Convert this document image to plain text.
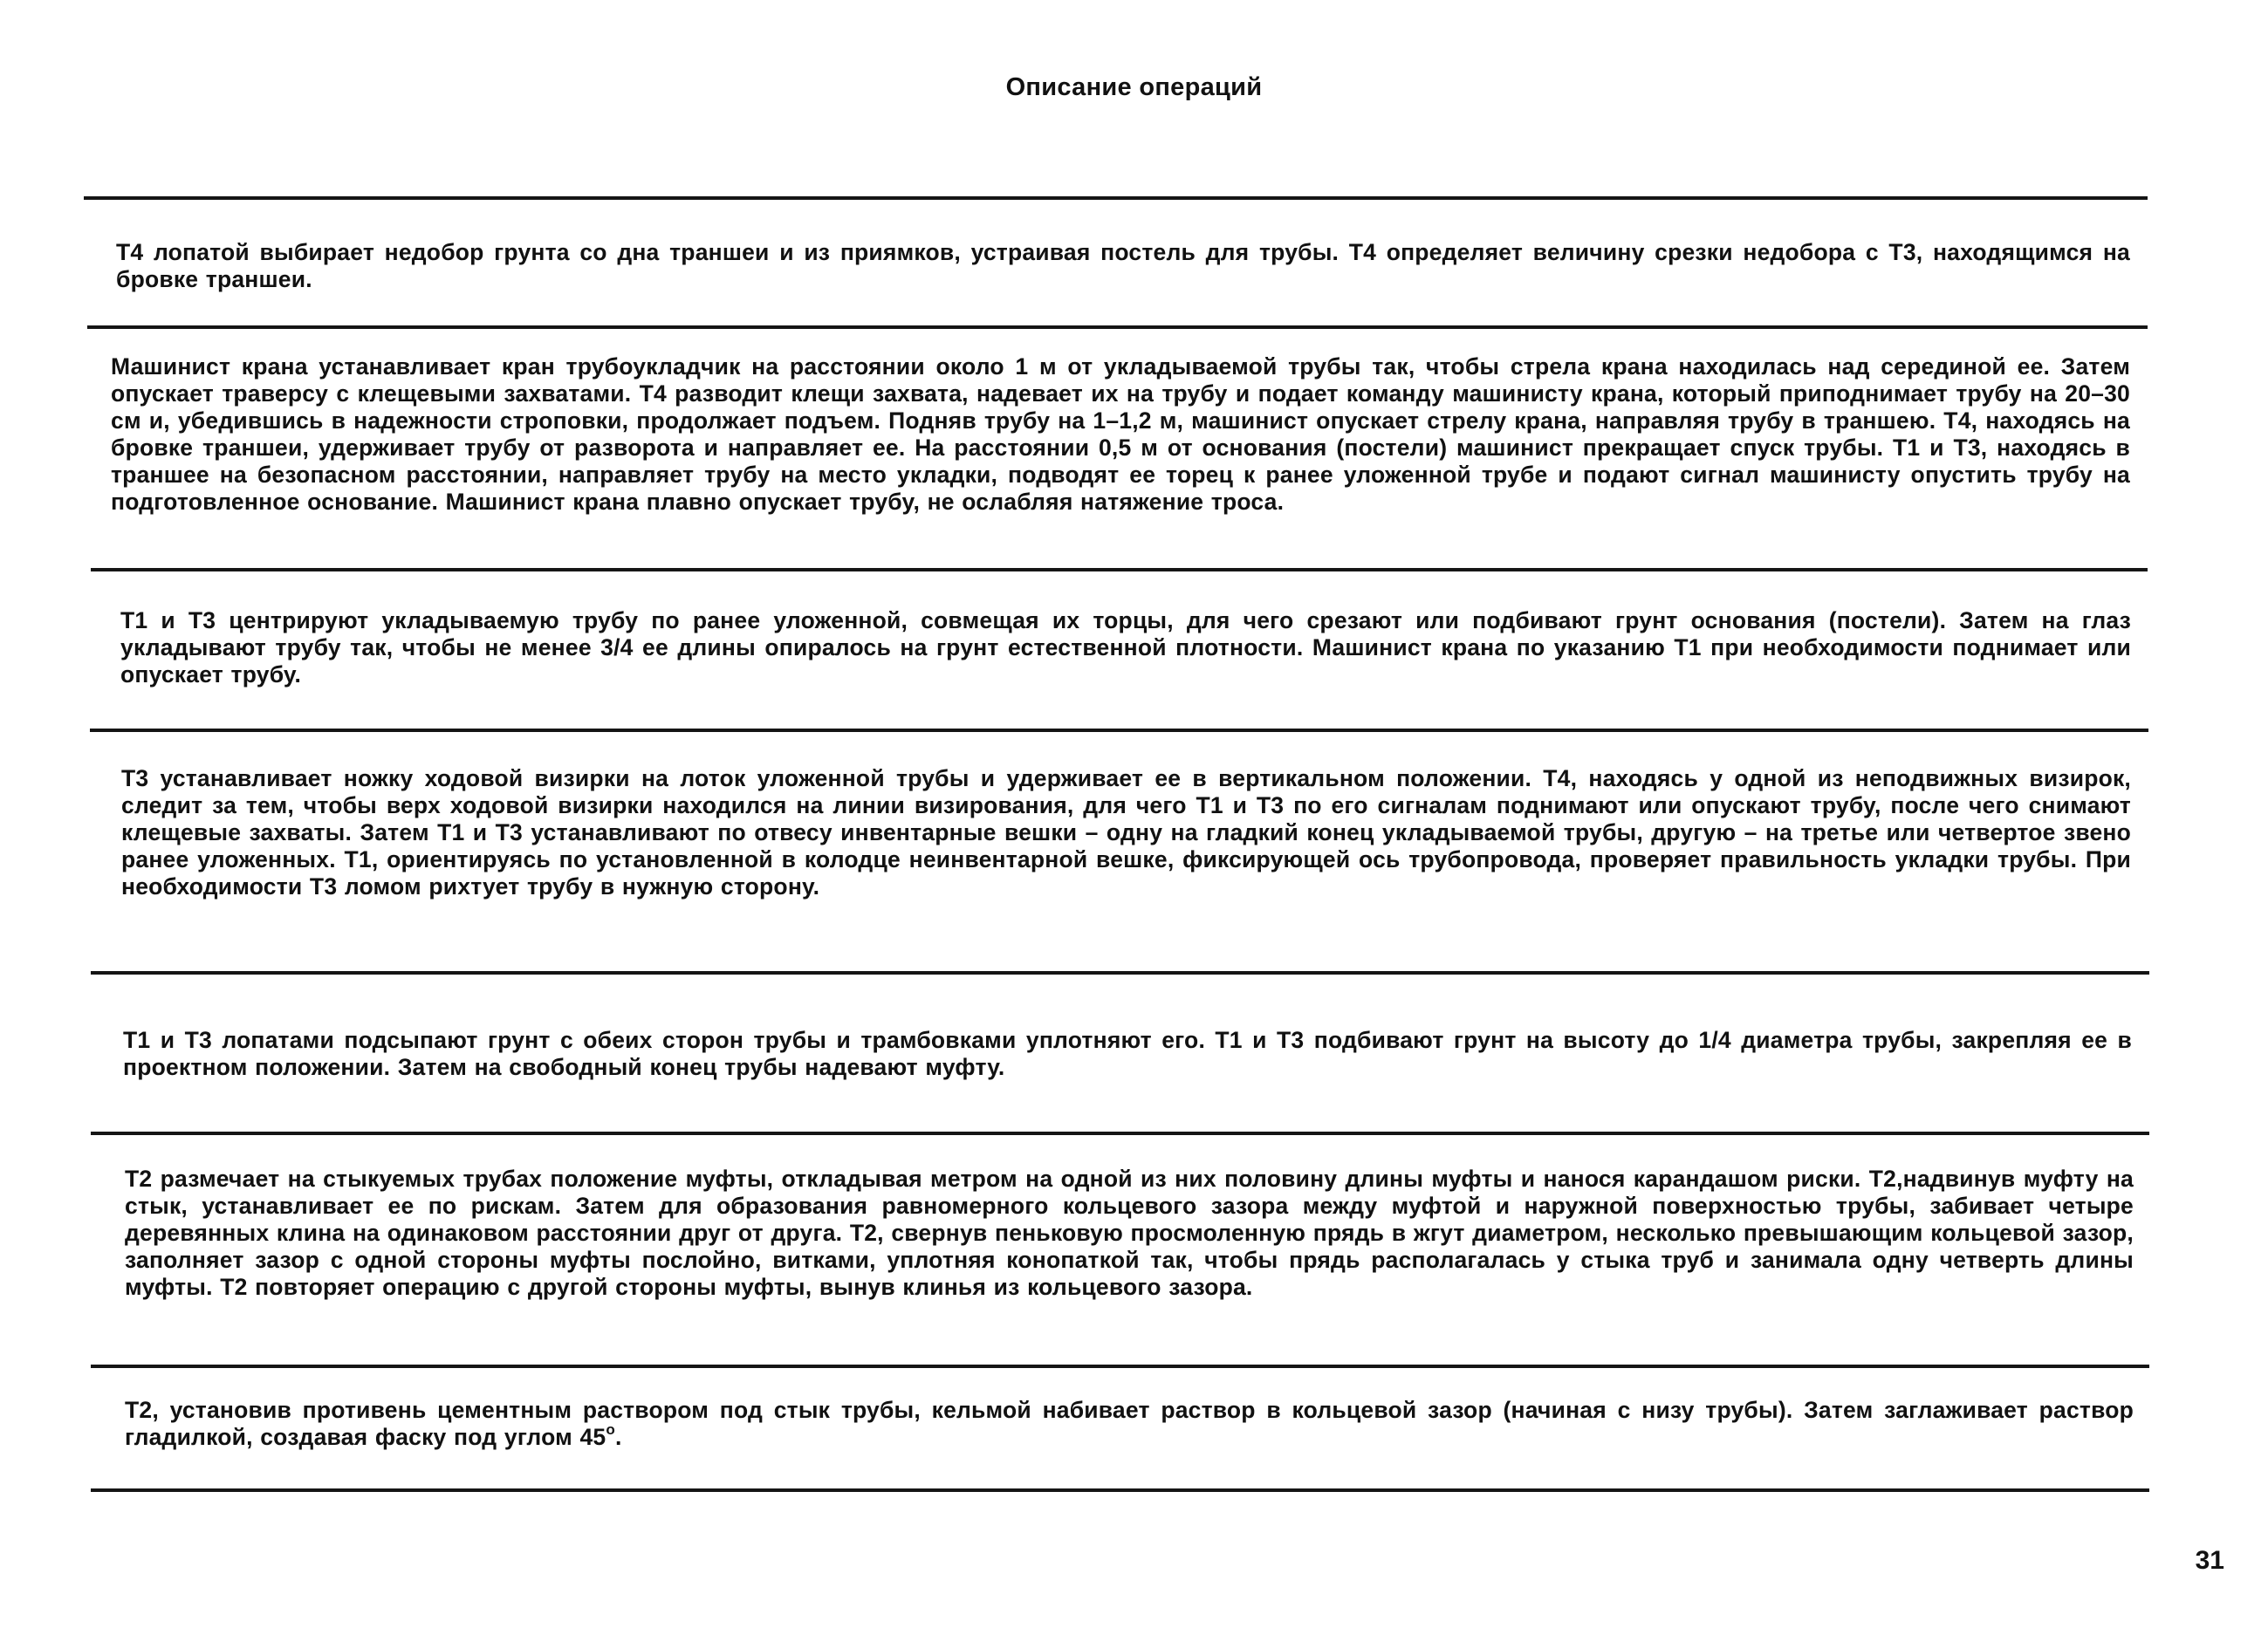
Описание операций
Т4 лопатой выбирает недобор грунта со дна траншеи и из приямков, устраивая постель для трубы. Т4 определяет величину срезки недобора с Т3, находящимся на бровке траншеи.
Машинист крана устанавливает кран трубоукладчик на расстоянии около 1 м от укладываемой трубы так, чтобы стрела крана находилась над серединой ее. Затем опускает траверсу с клещевыми захватами. Т4 разводит клещи захвата, надевает их на трубу и подает команду машинисту крана, который приподнимает трубу на 20–30 см и, убедившись в надежности строповки, продолжает подъем. Подняв трубу на 1–1,2 м, машинист опускает стрелу крана, направляя трубу в траншею. Т4, находясь на бровке траншеи, удерживает трубу от разворота и направляет ее. На расстоянии 0,5 м от основания (постели) машинист прекращает спуск трубы. Т1 и Т3, находясь в траншее на безопасном расстоянии, направляет трубу на место укладки, подводят ее торец к ранее уложенной трубе и подают сигнал машинисту опустить трубу на подготовленное основание. Машинист крана плавно опускает трубу, не ослабляя натяжение троса.
Т1 и Т3 центрируют укладываемую трубу по ранее уложенной, совмещая их торцы, для чего срезают или подбивают грунт основания (постели). Затем на глаз укладывают трубу так, чтобы не менее 3/4 ее длины опиралось на грунт естественной плотности. Машинист крана по указанию Т1 при необходимости поднимает или опускает трубу.
Т3 устанавливает ножку ходовой визирки на лоток уложенной трубы и удерживает ее в вертикальном положении. Т4, находясь у одной из неподвижных визирок, следит за тем, чтобы верх ходовой визирки находился на линии визирования, для чего Т1 и Т3 по его сигналам поднимают или опускают трубу, после чего снимают клещевые захваты. Затем Т1 и Т3 устанавливают по отвесу инвентарные вешки – одну на гладкий конец укладываемой трубы, другую – на третье или четвертое звено ранее уложенных. Т1, ориентируясь по установленной в колодце неинвентарной вешке, фиксирующей ось трубопровода, проверяет правильность укладки трубы. При необходимости Т3 ломом рихтует трубу в нужную сторону.
Т1 и Т3 лопатами подсыпают грунт с обеих сторон трубы и трамбовками уплотняют его. Т1 и Т3 подбивают грунт на высоту до 1/4 диаметра трубы, закрепляя ее в проектном положении. Затем на свободный конец трубы надевают муфту.
Т2 размечает на стыкуемых трубах положение муфты, откладывая метром на одной из них половину длины муфты и нанося карандашом риски. Т2,надвинув муфту на стык, устанавливает ее по рискам. Затем для образования равномерного кольцевого зазора между муфтой и наружной поверхностью трубы, забивает четыре деревянных клина на одинаковом расстоянии друг от друга. Т2, свернув пеньковую просмоленную прядь в жгут диаметром, несколько превышающим кольцевой зазор, заполняет зазор с одной стороны муфты послойно, витками, уплотняя конопаткой так, чтобы прядь располагалась у стыка труб и занимала одну четверть длины муфты. Т2 повторяет операцию с другой стороны муфты, вынув клинья из кольцевого зазора.
Т2, установив противень цементным раствором под стык трубы, кельмой набивает раствор в кольцевой зазор (начиная с низу трубы). Затем заглаживает раствор гладилкой, создавая фаску под углом 45$^o$.
31
